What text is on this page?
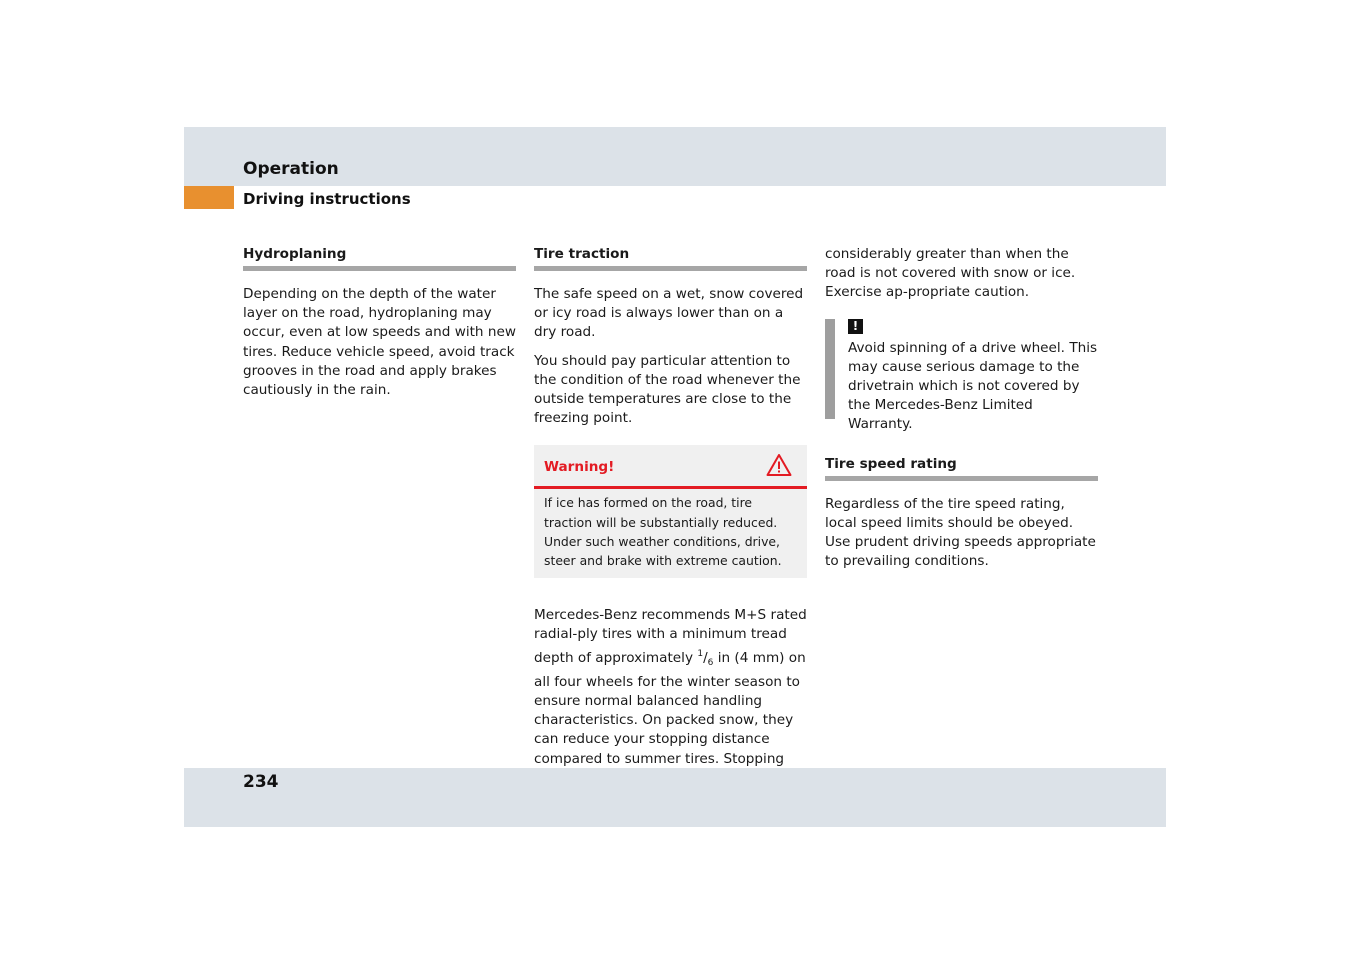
Operation
Driving instructions
Hydroplaning

Depending on the depth of the water layer on the road, hydroplaning may occur, even at low speeds and with new tires. Reduce vehicle speed, avoid track grooves in the road and apply brakes cautiously in the rain.

Tire traction

The safe speed on a wet, snow covered or icy road is always lower than on a dry road.

You should pay particular attention to the condition of the road whenever the outside temperatures are close to the freezing point.

Warning!
If ice has formed on the road, tire traction will be substantially reduced. Under such weather conditions, drive, steer and brake with extreme caution.

Mercedes-Benz recommends M+S rated radial-ply tires with a minimum tread depth of approximately $^1/_6$ in (4 mm) on all four wheels for the winter season to ensure normal balanced handling characteristics. On packed snow, they can reduce your stopping distance compared to summer tires. Stopping

considerably greater than when the road is not covered with snow or ice. Exercise ap-propriate caution.

!

Avoid spinning of a drive wheel. This may cause serious damage to the drivetrain which is not covered by the Mercedes-Benz Limited Warranty.

Tire speed rating

Regardless of the tire speed rating, local speed limits should be obeyed. Use prudent driving speeds appropriate to prevailing conditions.

234
